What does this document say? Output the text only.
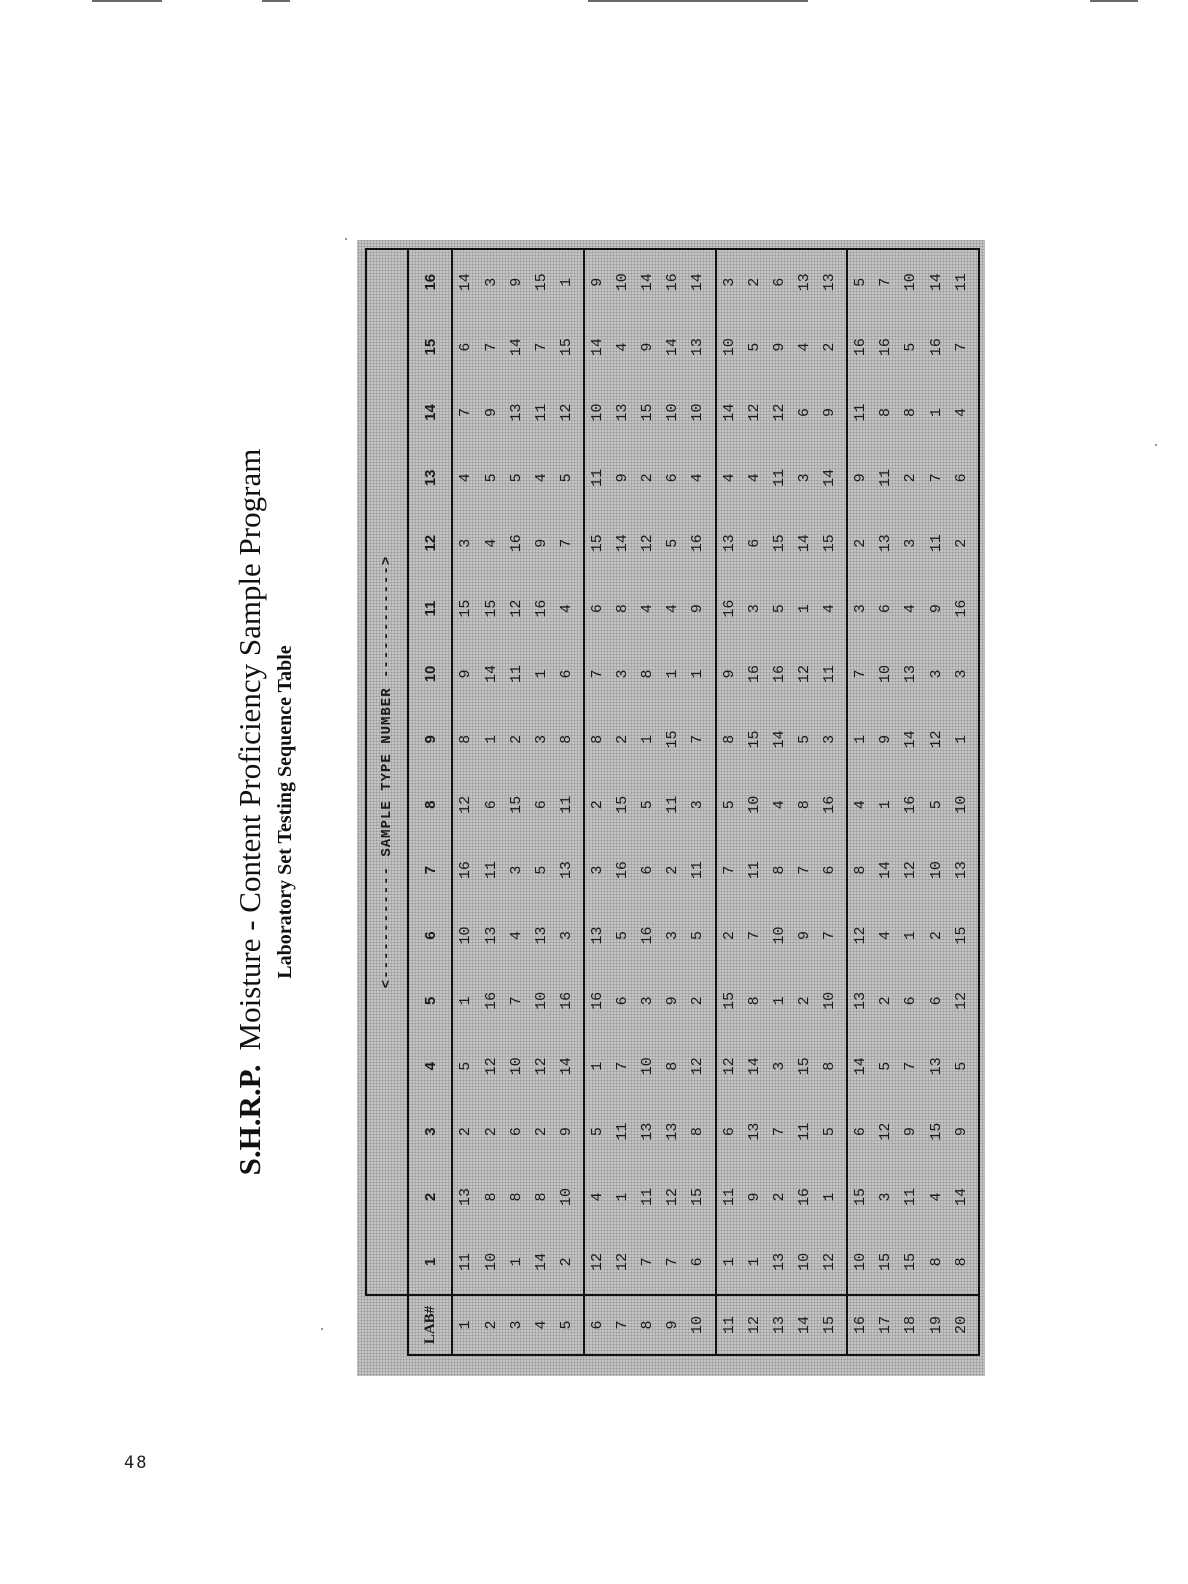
S.H.R.P.Moisture - Content Proficiency Sample Program Laboratory Set Testing Sequence Table
		<------------ SAMPLE TYPE NUMBER ------------>															
LAB#	1	2	3	4	5	6	7	8	9	10	11	12	13	14	15	16
1	11	13	2	5	1	10	16	12	8	9	15	3	4	7	6	14
2	10	8	2	12	16	13	11	6	1	14	15	4	5	9	7	3
3	1	8	6	10	7	4	3	15	2	11	12	16	5	13	14	9
4	14	8	2	12	10	13	5	6	3	1	16	9	4	11	7	15
5	2	10	9	14	16	3	13	11	8	6	4	7	5	12	15	1

6	12	4	5	1	16	13	3	2	8	7	6	15	11	10	14	9
7	12	1	11	7	6	5	16	15	2	3	8	14	9	13	4	10
8	7	11	13	10	3	16	6	5	1	8	4	12	2	15	9	14
9	7	12	13	8	9	3	2	11	15	1	4	5	6	10	14	16
10	6	15	8	12	2	5	11	3	7	1	9	16	4	10	13	14

11	1	11	6	12	15	2	7	5	8	9	16	13	4	14	10	3
12	1	9	13	14	8	7	11	10	15	16	3	6	4	12	5	2
13	13	2	7	3	1	10	8	4	14	16	5	15	11	12	9	6
14	10	16	11	15	2	9	7	8	5	12	1	14	3	6	4	13
15	12	1	5	8	10	7	6	16	3	11	4	15	14	9	2	13

16	10	15	6	14	13	12	8	4	1	7	3	2	9	11	16	5
17	15	3	12	5	2	4	14	1	9	10	6	13	11	8	16	7
18	15	11	9	7	6	1	12	16	14	13	4	3	2	8	5	10
19	8	4	15	13	6	2	10	5	12	3	9	11	7	1	16	14
20	8	14	9	5	12	15	13	10	1	3	16	2	6	4	7	11

48
